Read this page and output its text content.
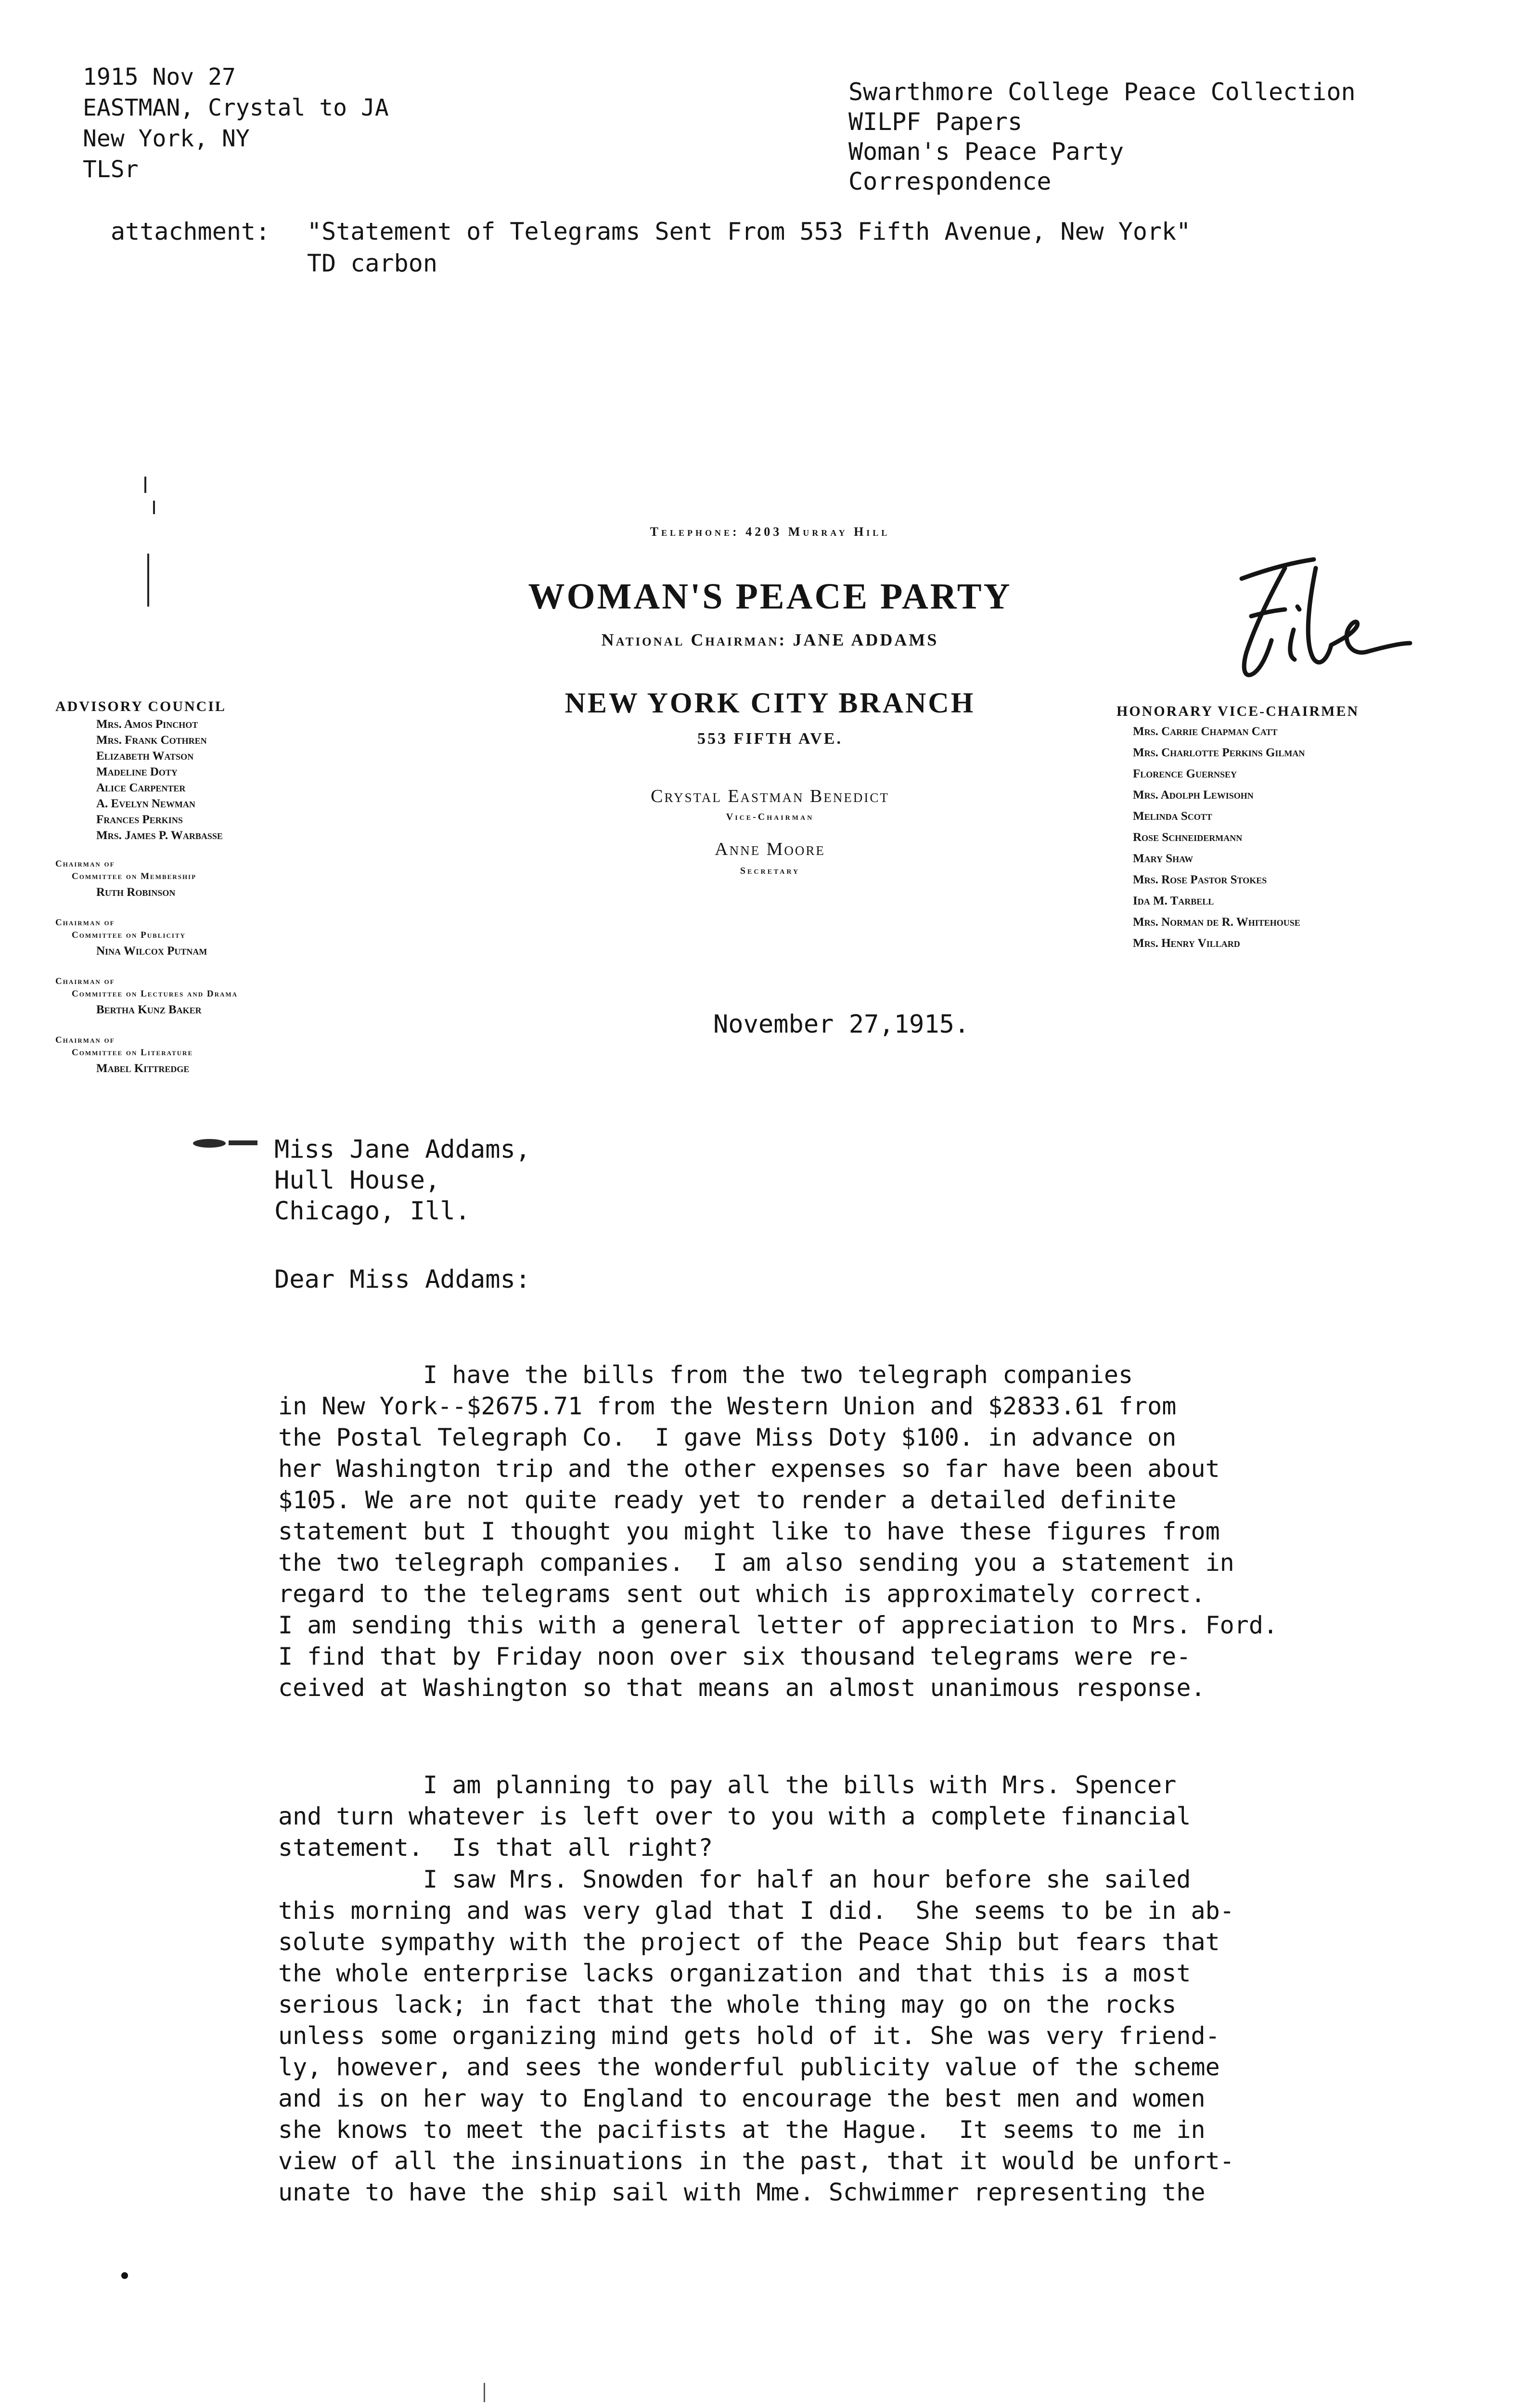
1915 Nov 27
EASTMAN, Crystal to JA
New York, NY
TLSr
Swarthmore College Peace Collection
WILPF Papers
Woman's Peace Party
Correspondence
attachment: "Statement of Telegrams Sent From 553 Fifth Avenue, New York"
TD carbon
Telephone: 4203 Murray Hill
WOMAN'S PEACE PARTY
National Chairman: JANE ADDAMS
NEW YORK CITY BRANCH
553 FIFTH AVE.
Crystal Eastman Benedict
Vice-Chairman
Anne Moore
Secretary
ADVISORY COUNCIL
Mrs. Amos Pinchot
Mrs. Frank Cothren
Elizabeth Watson
Madeline Doty
Alice Carpenter
A. Evelyn Newman
Frances Perkins
Mrs. James P. Warbasse
Chairman of
Committee on Membership
Ruth Robinson
Chairman of
Committee on Publicity
Nina Wilcox Putnam
Chairman of
Committee on Lectures and Drama
Bertha Kunz Baker
Chairman of
Committee on Literature
Mabel Kittredge
HONORARY VICE-CHAIRMEN
Mrs. Carrie Chapman Catt
Mrs. Charlotte Perkins Gilman
Florence Guernsey
Mrs. Adolph Lewisohn
Melinda Scott
Rose Schneidermann
Mary Shaw
Mrs. Rose Pastor Stokes
Ida M. Tarbell
Mrs. Norman de R. Whitehouse
Mrs. Henry Villard
November 27,1915.
Miss Jane Addams,
Hull House,
Chicago, Ill.
Dear Miss Addams:
I have the bills from the two telegraph companies
in New York--$2675.71 from the Western Union and $2833.61 from
the Postal Telegraph Co.  I gave Miss Doty $100. in advance on
her Washington trip and the other expenses so far have been about
$105. We are not quite ready yet to render a detailed definite
statement but I thought you might like to have these figures from
the two telegraph companies.  I am also sending you a statement in
regard to the telegrams sent out which is approximately correct.
I am sending this with a general letter of appreciation to Mrs. Ford.
I find that by Friday noon over six thousand telegrams were re-
ceived at Washington so that means an almost unanimous response.
I am planning to pay all the bills with Mrs. Spencer
and turn whatever is left over to you with a complete financial
statement.  Is that all right?
I saw Mrs. Snowden for half an hour before she sailed
this morning and was very glad that I did.  She seems to be in ab-
solute sympathy with the project of the Peace Ship but fears that
the whole enterprise lacks organization and that this is a most
serious lack; in fact that the whole thing may go on the rocks
unless some organizing mind gets hold of it. She was very friend-
ly, however, and sees the wonderful publicity value of the scheme
and is on her way to England to encourage the best men and women
she knows to meet the pacifists at the Hague.  It seems to me in
view of all the insinuations in the past, that it would be unfort-
unate to have the ship sail with Mme. Schwimmer representing the
